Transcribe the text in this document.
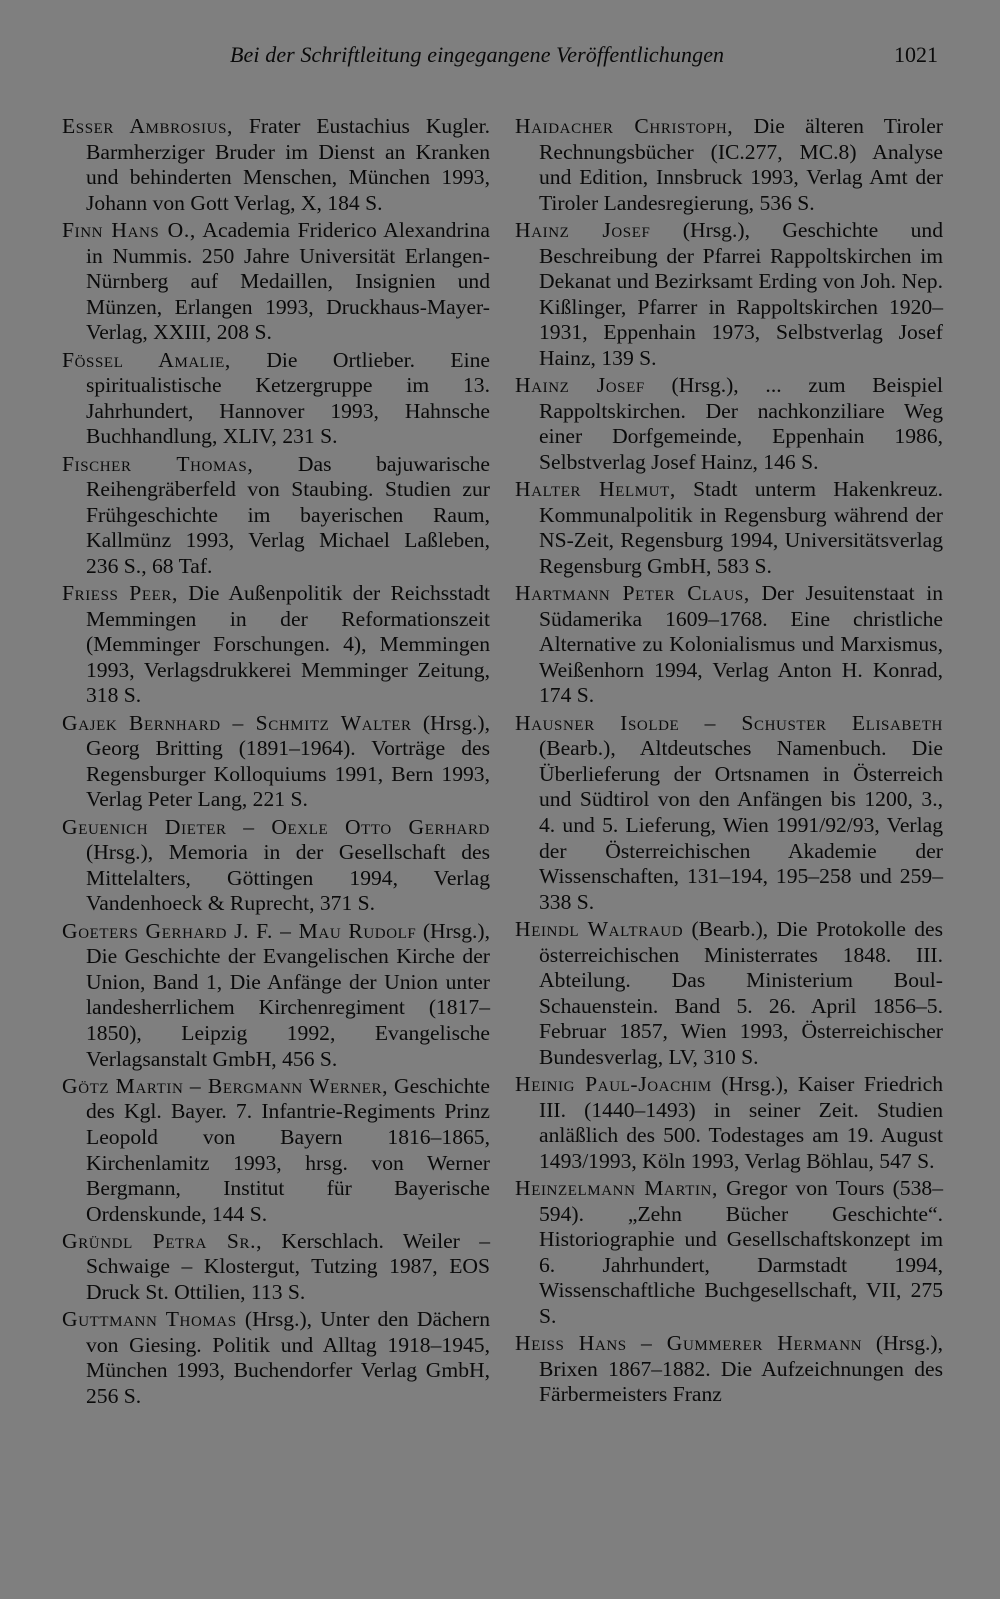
Bei der Schriftleitung eingegangene Veröffentlichungen	1021

Esser Ambrosius, Frater Eustachius Kugler. Barmherziger Bruder im Dienst an Kranken und behinderten Menschen, München 1993, Johann von Gott Verlag, X, 184 S.

Finn Hans O., Academia Friderico Alexandrina in Nummis. 250 Jahre Universität Erlangen-Nürnberg auf Medaillen, Insignien und Münzen, Erlangen 1993, Druckhaus-Mayer-Verlag, XXIII, 208 S.

Fössel Amalie, Die Ortlieber. Eine spiritualistische Ketzergruppe im 13. Jahrhundert, Hannover 1993, Hahnsche Buchhandlung, XLIV, 231 S.

Fischer Thomas, Das bajuwarische Reihengräberfeld von Staubing. Studien zur Frühgeschichte im bayerischen Raum, Kallmünz 1993, Verlag Michael Laßleben, 236 S., 68 Taf.

Friess Peer, Die Außenpolitik der Reichsstadt Memmingen in der Reformationszeit (Memminger Forschungen. 4), Memmingen 1993, Verlagsdrukkerei Memminger Zeitung, 318 S.

Gajek Bernhard – Schmitz Walter (Hrsg.), Georg Britting (1891–1964). Vorträge des Regensburger Kolloquiums 1991, Bern 1993, Verlag Peter Lang, 221 S.

Geuenich Dieter – Oexle Otto Gerhard (Hrsg.), Memoria in der Gesellschaft des Mittelalters, Göttingen 1994, Verlag Vandenhoeck & Ruprecht, 371 S.

Goeters Gerhard J. F. – Mau Rudolf (Hrsg.), Die Geschichte der Evangelischen Kirche der Union, Band 1, Die Anfänge der Union unter landesherrlichem Kirchenregiment (1817–1850), Leipzig 1992, Evangelische Verlagsanstalt GmbH, 456 S.

Götz Martin – Bergmann Werner, Geschichte des Kgl. Bayer. 7. Infantrie-Regiments Prinz Leopold von Bayern 1816–1865, Kirchenlamitz 1993, hrsg. von Werner Bergmann, Institut für Bayerische Ordenskunde, 144 S.

Gründl Petra Sr., Kerschlach. Weiler – Schwaige – Klostergut, Tutzing 1987, EOS Druck St. Ottilien, 113 S.

Guttmann Thomas (Hrsg.), Unter den Dächern von Giesing. Politik und Alltag 1918–1945, München 1993, Buchendorfer Verlag GmbH, 256 S.

Haidacher Christoph, Die älteren Tiroler Rechnungsbücher (IC.277, MC.8) Analyse und Edition, Innsbruck 1993, Verlag Amt der Tiroler Landesregierung, 536 S.

Hainz Josef (Hrsg.), Geschichte und Beschreibung der Pfarrei Rappoltskirchen im Dekanat und Bezirksamt Erding von Joh. Nep. Kißlinger, Pfarrer in Rappoltskirchen 1920–1931, Eppenhain 1973, Selbstverlag Josef Hainz, 139 S.

Hainz Josef (Hrsg.), ... zum Beispiel Rappoltskirchen. Der nachkonziliare Weg einer Dorfgemeinde, Eppenhain 1986, Selbstverlag Josef Hainz, 146 S.

Halter Helmut, Stadt unterm Hakenkreuz. Kommunalpolitik in Regensburg während der NS-Zeit, Regensburg 1994, Universitätsverlag Regensburg GmbH, 583 S.

Hartmann Peter Claus, Der Jesuitenstaat in Südamerika 1609–1768. Eine christliche Alternative zu Kolonialismus und Marxismus, Weißenhorn 1994, Verlag Anton H. Konrad, 174 S.

Hausner Isolde – Schuster Elisabeth (Bearb.), Altdeutsches Namenbuch. Die Überlieferung der Ortsnamen in Österreich und Südtirol von den Anfängen bis 1200, 3., 4. und 5. Lieferung, Wien 1991/92/93, Verlag der Österreichischen Akademie der Wissenschaften, 131–194, 195–258 und 259–338 S.

Heindl Waltraud (Bearb.), Die Protokolle des österreichischen Ministerrates 1848. III. Abteilung. Das Ministerium Boul-Schauenstein. Band 5. 26. April 1856–5. Februar 1857, Wien 1993, Österreichischer Bundesverlag, LV, 310 S.

Heinig Paul-Joachim (Hrsg.), Kaiser Friedrich III. (1440–1493) in seiner Zeit. Studien anläßlich des 500. Todestages am 19. August 1493/1993, Köln 1993, Verlag Böhlau, 547 S.

Heinzelmann Martin, Gregor von Tours (538–594). „Zehn Bücher Geschichte“. Historiographie und Gesellschaftskonzept im 6. Jahrhundert, Darmstadt 1994, Wissenschaftliche Buchgesellschaft, VII, 275 S.

Heiss Hans – Gummerer Hermann (Hrsg.), Brixen 1867–1882. Die Aufzeichnungen des Färbermeisters Franz
